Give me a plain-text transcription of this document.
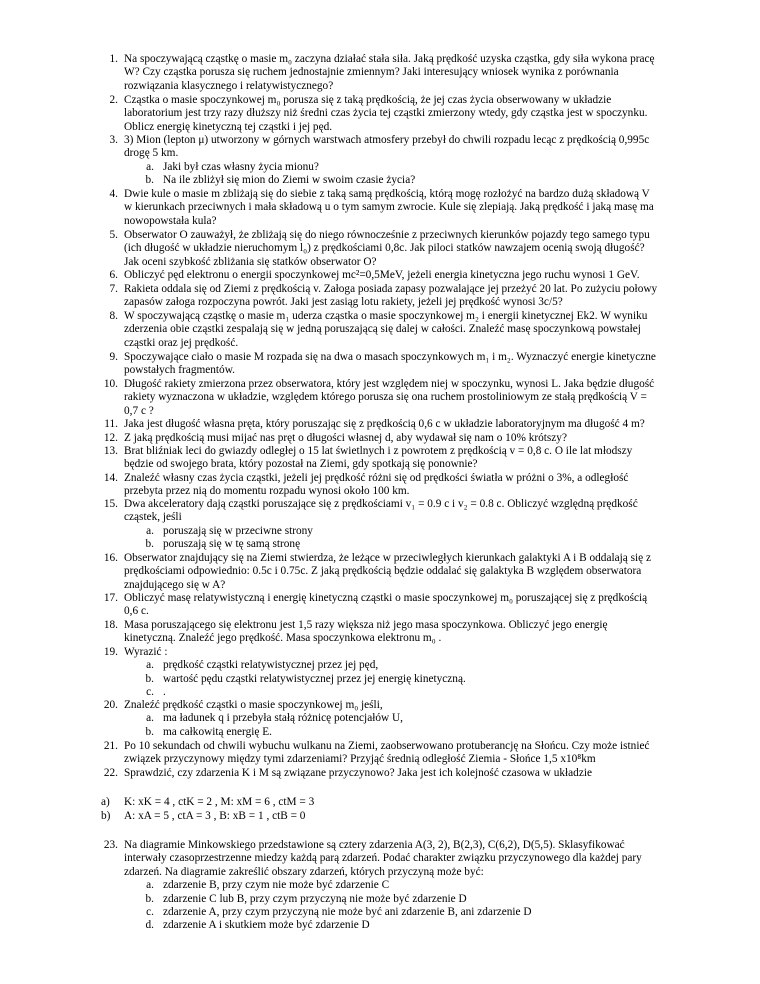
1. Na spoczywającą cząstkę o masie m₀ zaczyna działać stała siła. Jaką prędkość uzyska cząstka, gdy siła wykona pracę
W? Czy cząstka porusza się ruchem jednostajnie zmiennym? Jaki interesujący wniosek wynika z porównania
rozwiązania klasycznego i relatywistycznego?
2. Cząstka o masie spoczynkowej m₀ porusza się z taką prędkością, że jej czas życia obserwowany w układzie
laboratorium jest trzy razy dłuższy niż średni czas życia tej cząstki zmierzony wtedy, gdy cząstka jest w spoczynku.
Oblicz energię kinetyczną tej cząstki i jej pęd.
3. 3) Mion (lepton μ) utworzony w górnych warstwach atmosfery przebył do chwili rozpadu lecąc z prędkością 0,995c
drogę 5 km.
a. Jaki był czas własny życia mionu?
b. Na ile zbliżył się mion do Ziemi w swoim czasie życia?
4. Dwie kule o masie m zbliżają się do siebie z taką samą prędkością, którą mogę rozłożyć na bardzo dużą składową V
w kierunkach przeciwnych i mała składową u o tym samym zwrocie. Kule się zlepiają. Jaką prędkość i jaką masę ma
nowopowstała kula?
5. Obserwator O zauważył, że zbliżają się do niego równocześnie z przeciwnych kierunków pojazdy tego samego typu
(ich długość w układzie nieruchomym l₀) z prędkościami 0,8c. Jak piloci statków nawzajem ocenią swoją długość?
Jak oceni szybkość zbliżania się statków obserwator O?
6. Obliczyć pęd elektronu o energii spoczynkowej mc²=0,5MeV, jeżeli energia kinetyczna jego ruchu wynosi 1 GeV.
7. Rakieta oddala się od Ziemi z prędkością v. Załoga posiada zapasy pozwalające jej przeżyć 20 lat. Po zużyciu połowy
zapasów załoga rozpoczyna powrót. Jaki jest zasiąg lotu rakiety, jeżeli jej prędkość wynosi 3c/5?
8. W spoczywającą cząstkę o masie m₁ uderza cząstka o masie spoczynkowej m₂ i energii kinetycznej Ek2. W wyniku
zderzenia obie cząstki zespalają się w jedną poruszającą się dalej w całości. Znaleźć masę spoczynkową powstałej
cząstki oraz jej prędkość.
9. Spoczywające ciało o masie M rozpada się na dwa o masach spoczynkowych m₁ i m₂. Wyznaczyć energie kinetyczne
powstałych fragmentów.
10. Długość rakiety zmierzona przez obserwatora, który jest względem niej w spoczynku, wynosi L. Jaka będzie długość
rakiety wyznaczona w układzie, względem którego porusza się ona ruchem prostoliniowym ze stałą prędkością V =
0,7 c ?
11. Jaka jest długość własna pręta, który poruszając się z prędkością 0,6 c w układzie laboratoryjnym ma długość 4 m?
12. Z jaką prędkością musi mijać nas pręt o długości własnej d, aby wydawał się nam o 10% krótszy?
13. Brat bliźniak leci do gwiazdy odległej o 15 lat świetlnych i z powrotem z prędkością v = 0,8 c. O ile lat młodszy
będzie od swojego brata, który pozostał na Ziemi, gdy spotkają się ponownie?
14. Znaleźć własny czas życia cząstki, jeżeli jej prędkość różni się od prędkości światła w próżni o 3%, a odległość
przebyta przez nią do momentu rozpadu wynosi około 100 km.
15. Dwa akceleratory dają cząstki poruszające się z prędkościami v₁ = 0.9 c i v₂ = 0.8 c. Obliczyć względną prędkość
cząstek, jeśli
a. poruszają się w przeciwne strony
b. poruszają się w tę samą stronę
16. Obserwator znajdujący się na Ziemi stwierdza, że leżące w przeciwległych kierunkach galaktyki A i B oddalają się z
prędkościami odpowiednio: 0.5c i 0.75c. Z jaką prędkością będzie oddalać się galaktyka B względem obserwatora
znajdującego się w A?
17. Obliczyć masę relatywistyczną i energię kinetyczną cząstki o masie spoczynkowej m₀ poruszającej się z prędkością
0,6 c.
18. Masa poruszającego się elektronu jest 1,5 razy większa niż jego masa spoczynkowa. Obliczyć jego energię
kinetyczną. Znaleźć jego prędkość. Masa spoczynkowa elektronu m₀ .
19. Wyrazić :
a. prędkość cząstki relatywistycznej przez jej pęd,
b. wartość pędu cząstki relatywistycznej przez jej energię kinetyczną.
c. .
20. Znaleźć prędkość cząstki o masie spoczynkowej m₀ jeśli,
a. ma ładunek q i przebyła stałą różnicę potencjałów U,
b. ma całkowitą energię E.
21. Po 10 sekundach od chwili wybuchu wulkanu na Ziemi, zaobserwowano protuberancję na Słońcu. Czy może istnieć
związek przyczynowy między tymi zdarzeniami? Przyjąć średnią odległość Ziemia - Słońce 1,5 x10⁸km
22. Sprawdzić, czy zdarzenia K i M są związane przyczynowo? Jaka jest ich kolejność czasowa w układzie
a) K: xK = 4 , ctK = 2 , M: xM = 6 , ctM = 3
b) A: xA = 5 , ctA = 3 , B: xB = 1 , ctB = 0
23. Na diagramie Minkowskiego przedstawione są cztery zdarzenia A(3, 2), B(2,3), C(6,2), D(5,5). Sklasyfikować
interwały czasoprzestrzenne miedzy każdą parą zdarzeń. Podać charakter związku przyczynowego dla każdej pary
zdarzeń. Na diagramie zakreślić obszary zdarzeń, których przyczyną może być:
a. zdarzenie B, przy czym nie może być zdarzenie C
b. zdarzenie C lub B, przy czym przyczyną nie może być zdarzenie D
c. zdarzenie A, przy czym przyczyną nie może być ani zdarzenie B, ani zdarzenie D
d. zdarzenie A i skutkiem może być zdarzenie D
